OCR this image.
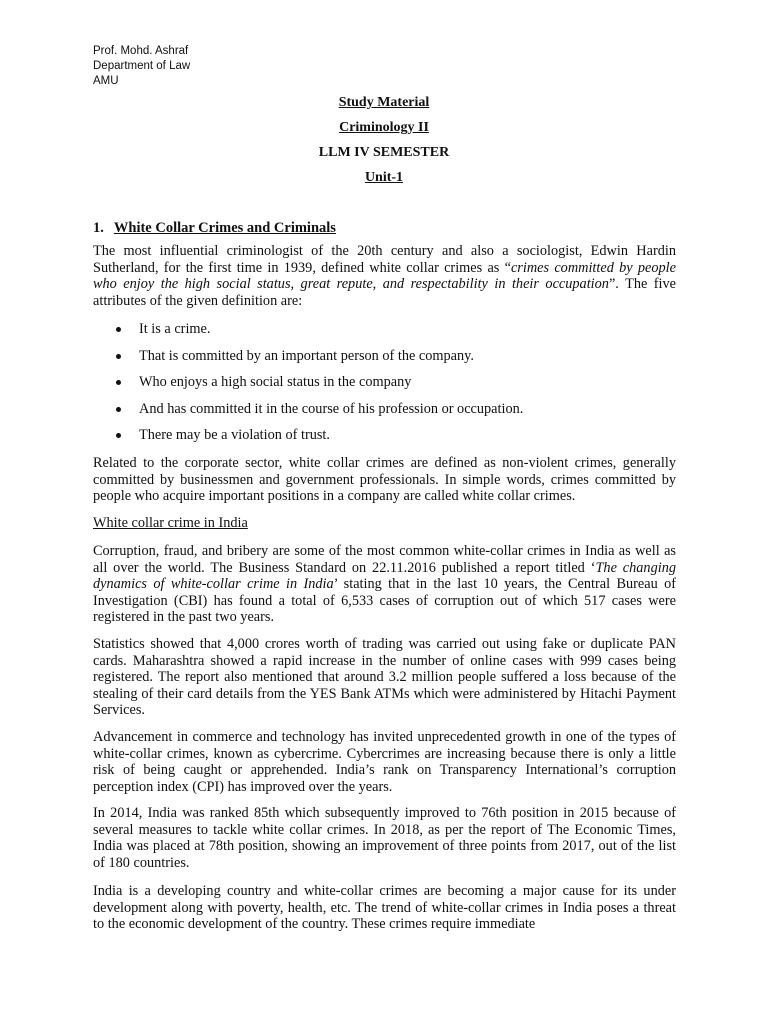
Prof. Mohd. Ashraf
Department of Law
AMU
Study Material
Criminology II
LLM IV SEMESTER
Unit-1
1. White Collar Crimes and Criminals

The most influential criminologist of the 20th century and also a sociologist, Edwin Hardin Sutherland, for the first time in 1939, defined white collar crimes as “crimes committed by people who enjoy the high social status, great repute, and respectability in their occupation”. The five attributes of the given definition are:

It is a crime.
That is committed by an important person of the company.
Who enjoys a high social status in the company
And has committed it in the course of his profession or occupation.
There may be a violation of trust.

Related to the corporate sector, white collar crimes are defined as non-violent crimes, generally committed by businessmen and government professionals. In simple words, crimes committed by people who acquire important positions in a company are called white collar crimes.

White collar crime in India

Corruption, fraud, and bribery are some of the most common white-collar crimes in India as well as all over the world. The Business Standard on 22.11.2016 published a report titled ‘The changing dynamics of white-collar crime in India’ stating that in the last 10 years, the Central Bureau of Investigation (CBI) has found a total of 6,533 cases of corruption out of which 517 cases were registered in the past two years.

Statistics showed that 4,000 crores worth of trading was carried out using fake or duplicate PAN cards. Maharashtra showed a rapid increase in the number of online cases with 999 cases being registered. The report also mentioned that around 3.2 million people suffered a loss because of the stealing of their card details from the YES Bank ATMs which were administered by Hitachi Payment Services.

Advancement in commerce and technology has invited unprecedented growth in one of the types of white-collar crimes, known as cybercrime. Cybercrimes are increasing because there is only a little risk of being caught or apprehended. India’s rank on Transparency International’s corruption perception index (CPI) has improved over the years.

In 2014, India was ranked 85th which subsequently improved to 76th position in 2015 because of several measures to tackle white collar crimes. In 2018, as per the report of The Economic Times, India was placed at 78th position, showing an improvement of three points from 2017, out of the list of 180 countries.

India is a developing country and white-collar crimes are becoming a major cause for its under development along with poverty, health, etc. The trend of white-collar crimes in India poses a threat to the economic development of the country. These crimes require immediate
